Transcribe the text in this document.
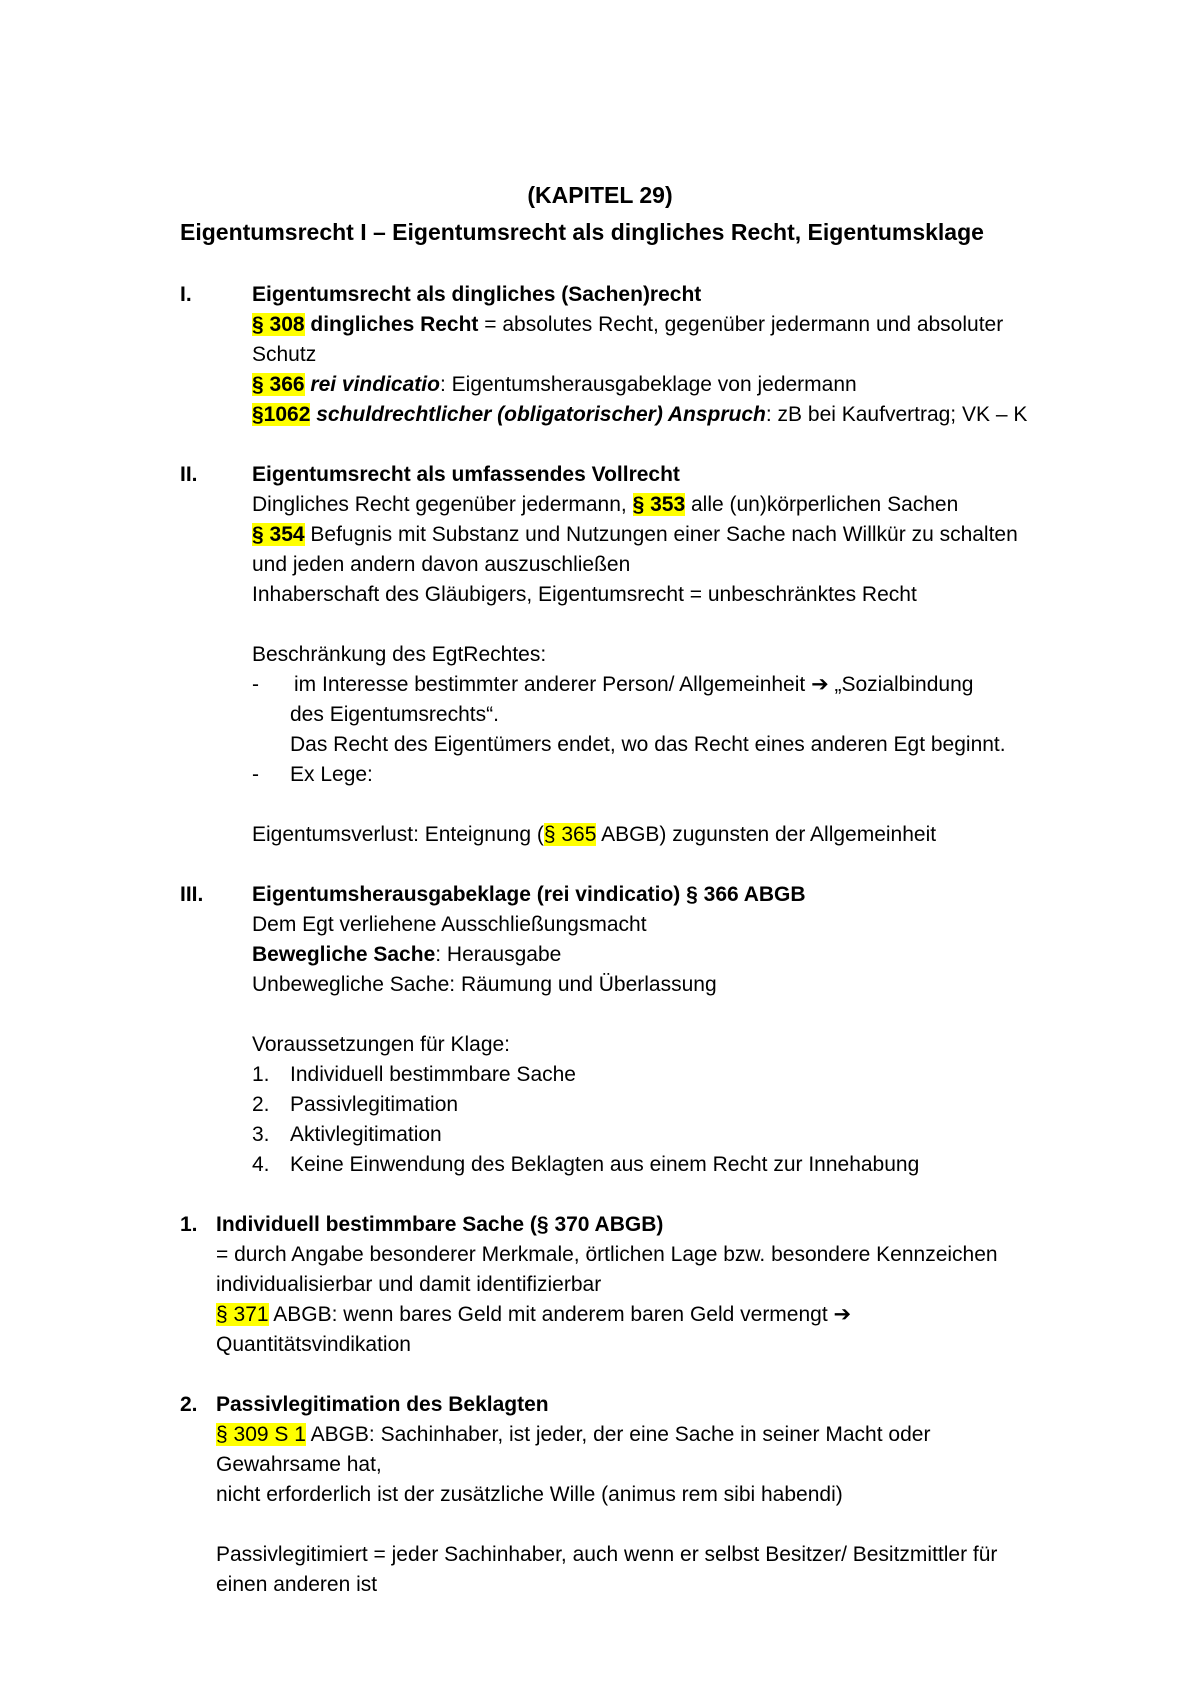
(KAPITEL 29)
Eigentumsrecht I – Eigentumsrecht als dingliches Recht, Eigentumsklage
I.	Eigentumsrecht als dingliches (Sachen)recht
§ 308 dingliches Recht = absolutes Recht, gegenüber jedermann und absoluter
Schutz
§ 366 rei vindicatio: Eigentumsherausgabeklage von jedermann
§1062 schuldrechtlicher (obligatorischer) Anspruch: zB bei Kaufvertrag; VK – K
II.	Eigentumsrecht als umfassendes Vollrecht
Dingliches Recht gegenüber jedermann, § 353 alle (un)körperlichen Sachen
§ 354 Befugnis mit Substanz und Nutzungen einer Sache nach Willkür zu schalten
und jeden andern davon auszuschließen
Inhaberschaft des Gläubigers, Eigentumsrecht = unbeschränktes Recht
Beschränkung des EgtRechtes:
- im Interesse bestimmter anderer Person/ Allgemeinheit ➔ „Sozialbindung
des Eigentumsrechts“.
Das Recht des Eigentümers endet, wo das Recht eines anderen Egt beginnt.
- Ex Lege:
Eigentumsverlust: Enteignung (§ 365 ABGB) zugunsten der Allgemeinheit
III. Eigentumsherausgabeklage (rei vindicatio) § 366 ABGB
Dem Egt verliehene Ausschließungsmacht
Bewegliche Sache: Herausgabe
Unbewegliche Sache: Räumung und Überlassung
Voraussetzungen für Klage:
1. Individuell bestimmbare Sache
2. Passivlegitimation
3. Aktivlegitimation
4. Keine Einwendung des Beklagten aus einem Recht zur Innehabung
1. Individuell bestimmbare Sache (§ 370 ABGB)
= durch Angabe besonderer Merkmale, örtlichen Lage bzw. besondere Kennzeichen
individualisierbar und damit identifizierbar
§ 371 ABGB: wenn bares Geld mit anderem baren Geld vermengt ➔
Quantitätsvindikation
2. Passivlegitimation des Beklagten
§ 309 S 1 ABGB: Sachinhaber, ist jeder, der eine Sache in seiner Macht oder
Gewahrsame hat,
nicht erforderlich ist der zusätzliche Wille (animus rem sibi habendi)
Passivlegitimiert = jeder Sachinhaber, auch wenn er selbst Besitzer/ Besitzmittler für
einen anderen ist
